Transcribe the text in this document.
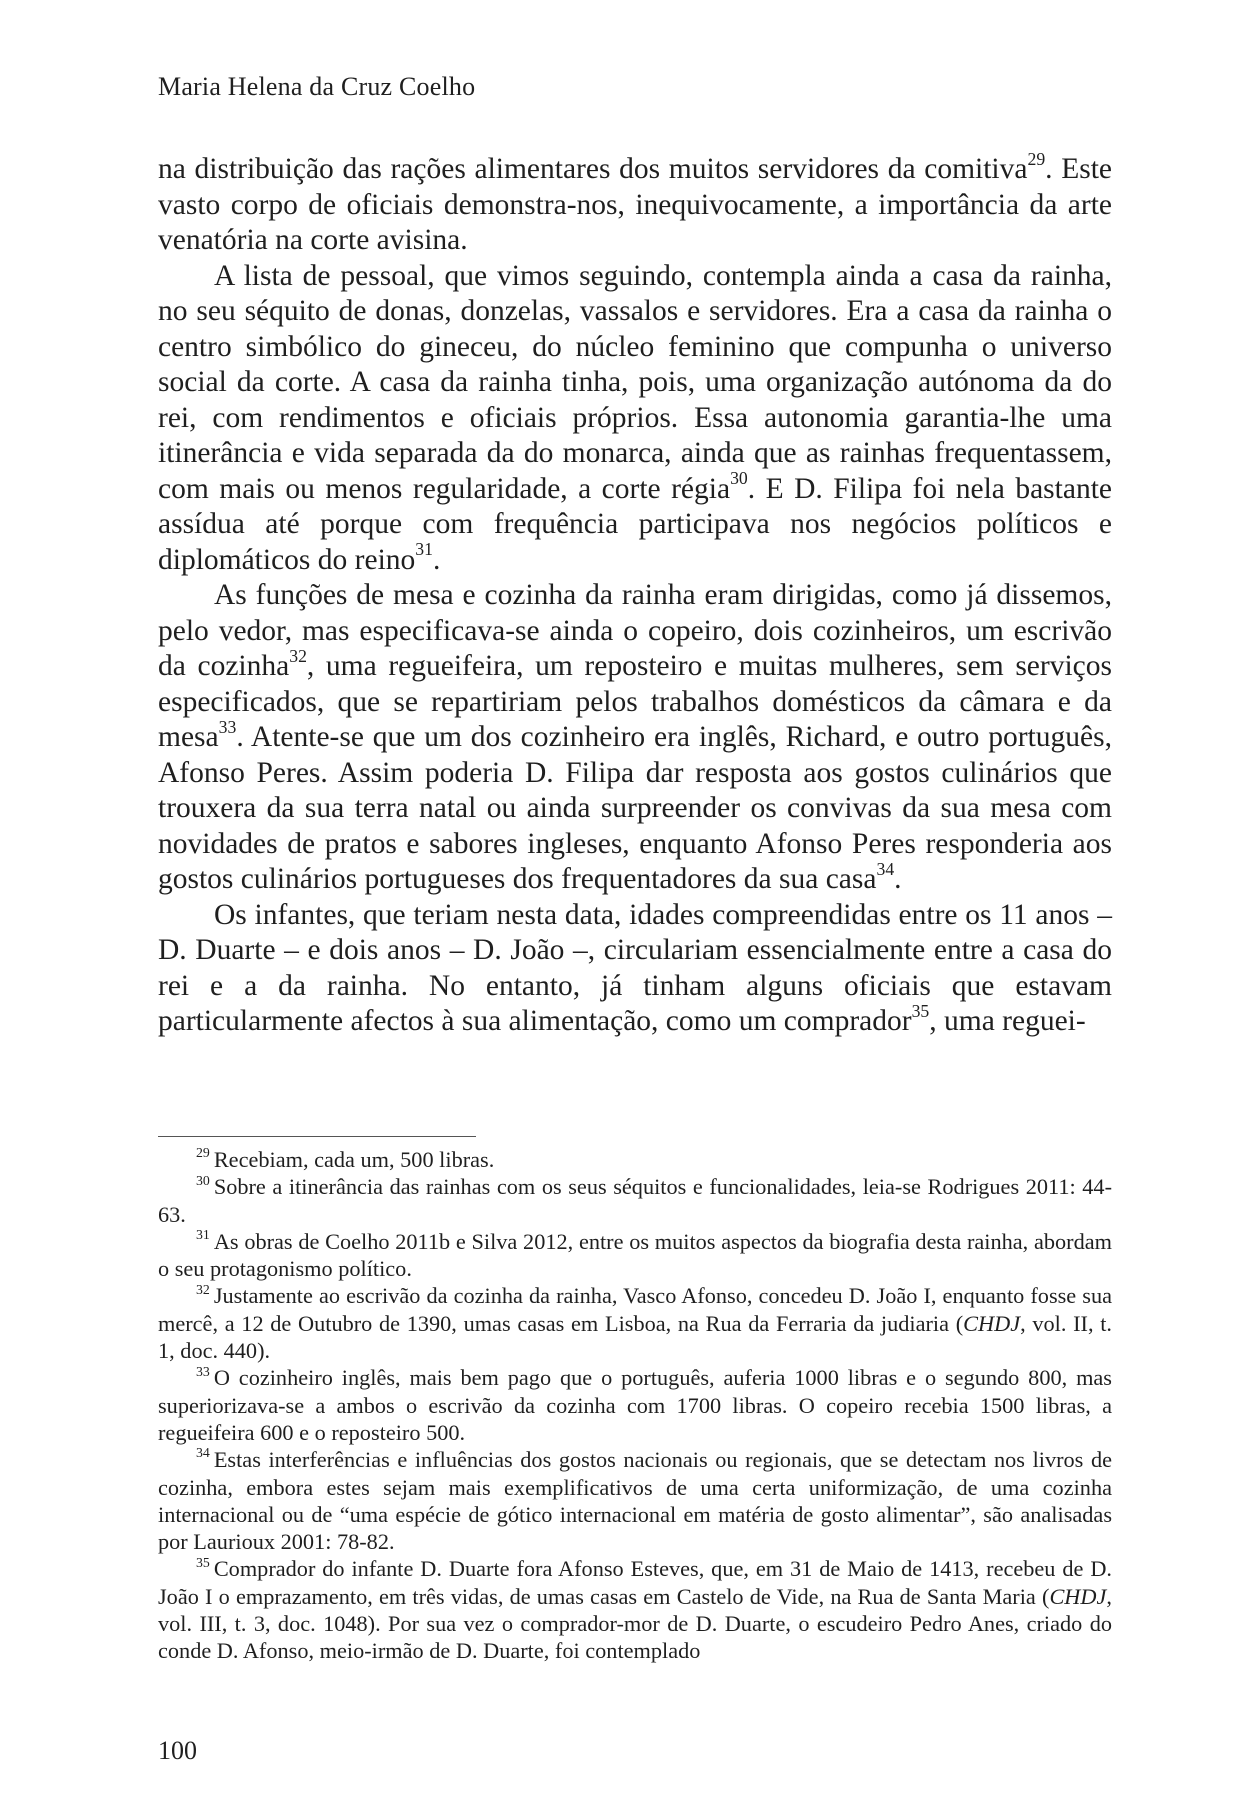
Maria Helena da Cruz Coelho

na distribuição das rações alimentares dos muitos servidores da comitiva$^{29}$. Este vasto corpo de oficiais demonstra-nos, inequivocamente, a importância da arte venatória na corte avisina.

A lista de pessoal, que vimos seguindo, contempla ainda a casa da rainha, no seu séquito de donas, donzelas, vassalos e servidores. Era a casa da rainha o centro simbólico do gineceu, do núcleo feminino que compunha o universo social da corte. A casa da rainha tinha, pois, uma organização autónoma da do rei, com rendimentos e oficiais próprios. Essa autonomia garantia-lhe uma itinerância e vida separada da do monarca, ainda que as rainhas frequentassem, com mais ou menos regularidade, a corte régia$^{30}$. E D. Filipa foi nela bastante assídua até porque com frequência participava nos negócios políticos e diplomáticos do reino$^{31}$.

As funções de mesa e cozinha da rainha eram dirigidas, como já dissemos, pelo vedor, mas especificava-se ainda o copeiro, dois cozinheiros, um escrivão da cozinha$^{32}$, uma regueifeira, um reposteiro e muitas mulheres, sem serviços especificados, que se repartiriam pelos trabalhos domésticos da câmara e da mesa$^{33}$. Atente-se que um dos cozinheiro era inglês, Richard, e outro português, Afonso Peres. Assim poderia D. Filipa dar resposta aos gostos culinários que trouxera da sua terra natal ou ainda surpreender os convivas da sua mesa com novidades de pratos e sabores ingleses, enquanto Afonso Peres responderia aos gostos culinários portugueses dos frequentadores da sua casa$^{34}$.

Os infantes, que teriam nesta data, idades compreendidas entre os 11 anos – D. Duarte – e dois anos – D. João –, circulariam essencialmente entre a casa do rei e a da rainha. No entanto, já tinham alguns oficiais que estavam particularmente afectos à sua alimentação, como um comprador$^{35}$, uma reguei-

$^{29}$ Recebiam, cada um, 500 libras.

$^{30}$ Sobre a itinerância das rainhas com os seus séquitos e funcionalidades, leia-se Rodrigues 2011: 44-63.

$^{31}$ As obras de Coelho 2011b e Silva 2012, entre os muitos aspectos da biografia desta rainha, abordam o seu protagonismo político.

$^{32}$ Justamente ao escrivão da cozinha da rainha, Vasco Afonso, concedeu D. João I, enquanto fosse sua mercê, a 12 de Outubro de 1390, umas casas em Lisboa, na Rua da Ferraria da judiaria (CHDJ, vol. II, t. 1, doc. 440).

$^{33}$ O cozinheiro inglês, mais bem pago que o português, auferia 1000 libras e o segundo 800, mas superiorizava-se a ambos o escrivão da cozinha com 1700 libras. O copeiro recebia 1500 libras, a regueifeira 600 e o reposteiro 500.

$^{34}$ Estas interferências e influências dos gostos nacionais ou regionais, que se detectam nos livros de cozinha, embora estes sejam mais exemplificativos de uma certa uniformização, de uma cozinha internacional ou de “uma espécie de gótico internacional em matéria de gosto alimentar”, são analisadas por Laurioux 2001: 78-82.

$^{35}$ Comprador do infante D. Duarte fora Afonso Esteves, que, em 31 de Maio de 1413, recebeu de D. João I o emprazamento, em três vidas, de umas casas em Castelo de Vide, na Rua de Santa Maria (CHDJ, vol. III, t. 3, doc. 1048). Por sua vez o comprador-mor de D. Duarte, o escudeiro Pedro Anes, criado do conde D. Afonso, meio-irmão de D. Duarte, foi contemplado

100
